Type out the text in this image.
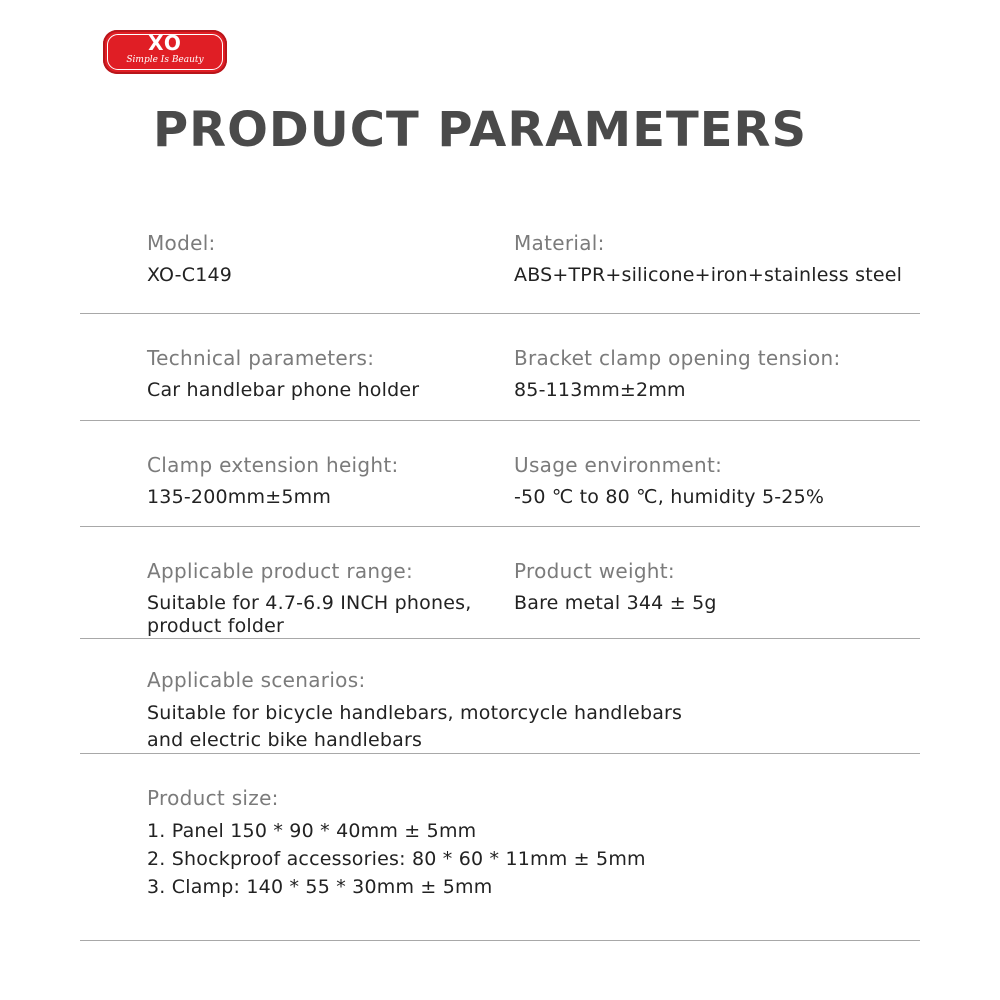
XO
Simple Is Beauty
PRODUCT PARAMETERS
Model:
XO-C149
Material:
ABS+TPR+silicone+iron+stainless steel
Technical parameters:
Car handlebar phone holder
Bracket clamp opening tension:
85-113mm±2mm
Clamp extension height:
135-200mm±5mm
Usage environment:
-50 ℃ to 80 ℃, humidity 5-25%
Applicable product range:
Suitable for 4.7-6.9 INCH phones,
product folder
Product weight:
Bare metal 344 ± 5g
Applicable scenarios:
Suitable for bicycle handlebars, motorcycle handlebars
and electric bike handlebars
Product size:
1. Panel 150 * 90 * 40mm ± 5mm
2. Shockproof accessories: 80 * 60 * 11mm ± 5mm
3. Clamp: 140 * 55 * 30mm ± 5mm
